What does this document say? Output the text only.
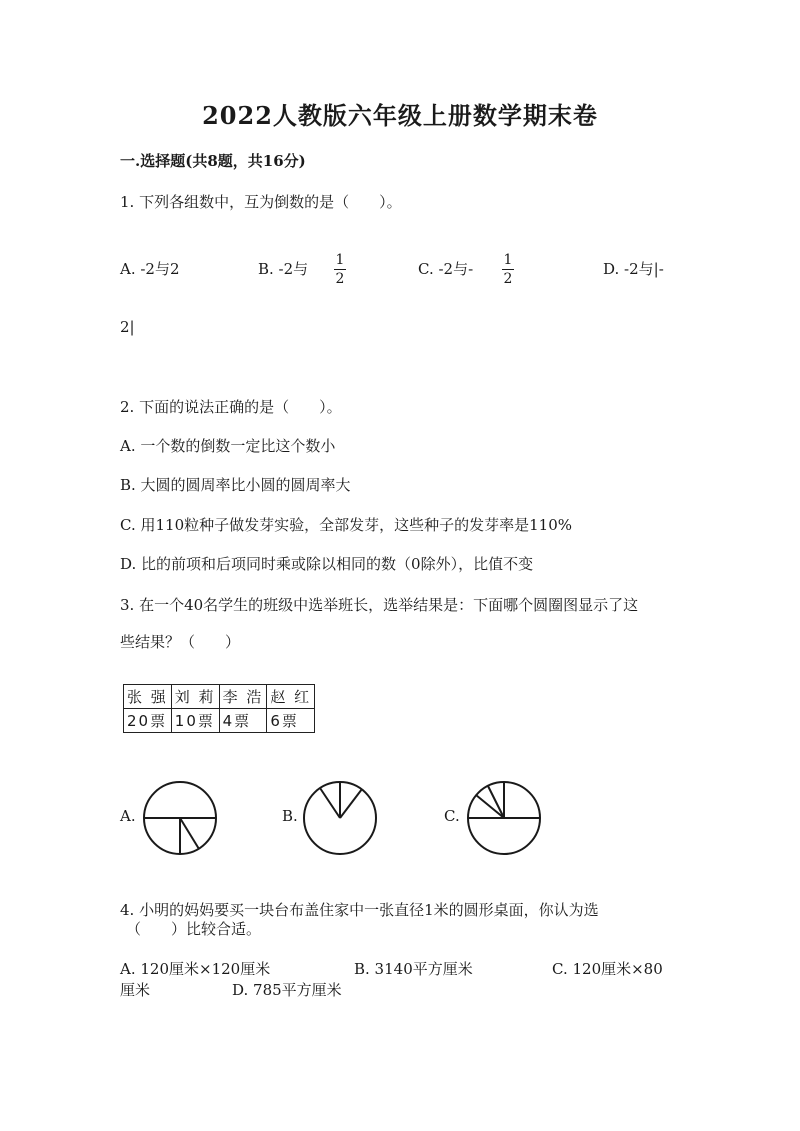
2022人教版六年级上册数学期末卷
一.选择题(共8题，共16分)
1. 下列各组数中，互为倒数的是（　　）。
A. -2与2	B. -2与 1
2
C. -2与- 1
2
D. -2与|-
2|
2. 下面的说法正确的是（　　）。
A. 一个数的倒数一定比这个数小
B. 大圆的圆周率比小圆的圆周率大
C. 用110粒种子做发芽实验，全部发芽，这些种子的发芽率是110%
D. 比的前项和后项同时乘或除以相同的数（0除外），比值不变
3. 在一个40名学生的班级中选举班长，选举结果是：下面哪个圆圈图显示了这
些结果？（　　）
张 强	刘 莉	李 浩	赵 红
20票	10票	4票	6票
A.	B.	C.
4. 小明的妈妈要买一块台布盖住家中一张直径1米的圆形桌面，你认为选
（　　）比较合适。
A. 120厘米×120厘米	B. 3140平方厘米	C. 120厘米×80
厘米	D. 785平方厘米
